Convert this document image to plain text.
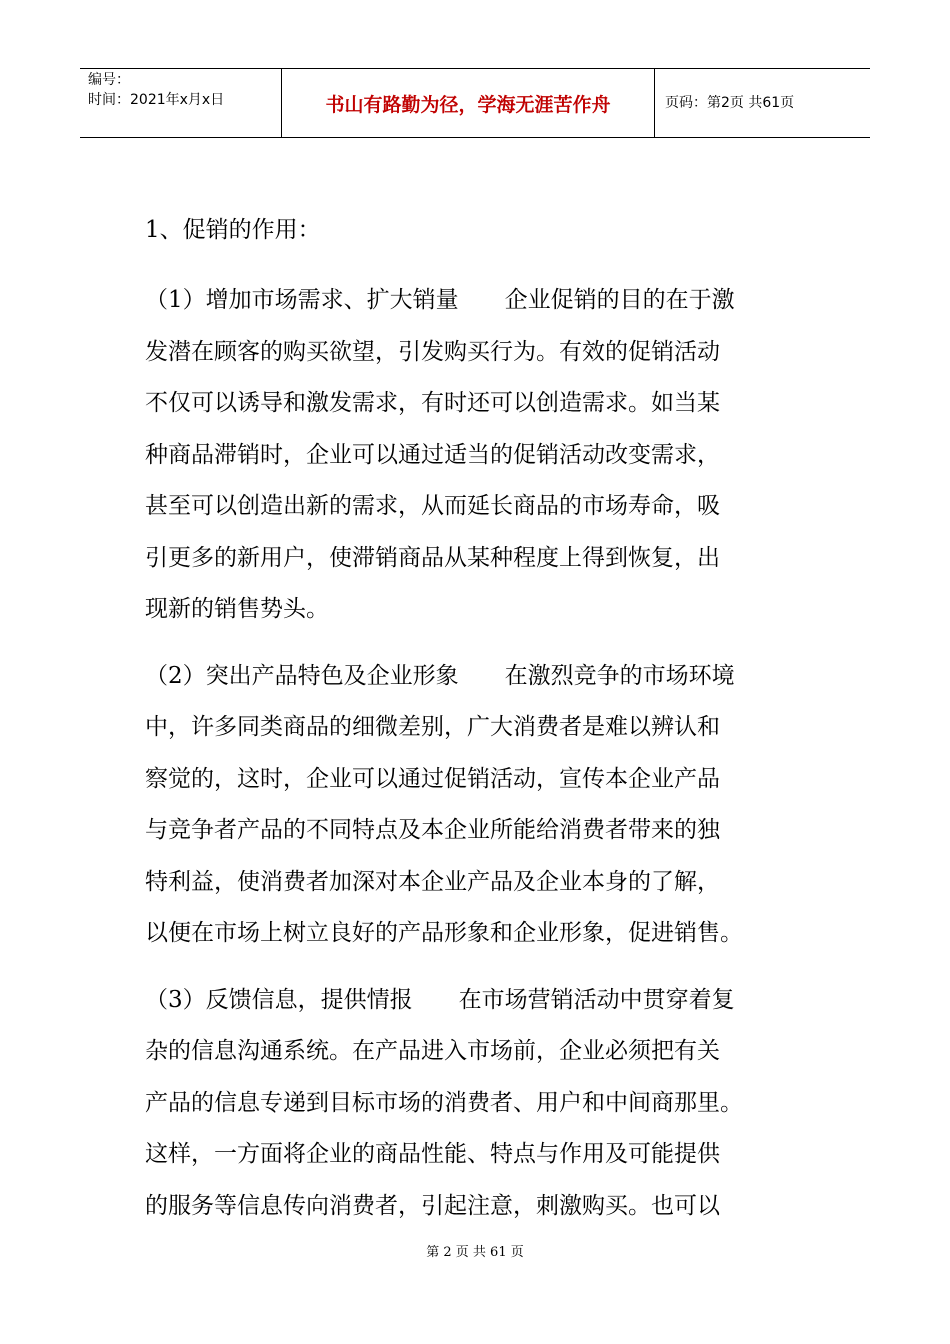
编号：
时间：2021年x月x日	书山有路勤为径，学海无涯苦作舟	页码：第2页 共61页
1、促销的作用：
（1）增加市场需求、扩大销量　　企业促销的目的在于激
发潜在顾客的购买欲望，引发购买行为。有效的促销活动
不仅可以诱导和激发需求，有时还可以创造需求。如当某
种商品滞销时，企业可以通过适当的促销活动改变需求，
甚至可以创造出新的需求，从而延长商品的市场寿命，吸
引更多的新用户，使滞销商品从某种程度上得到恢复，出
现新的销售势头。
（2）突出产品特色及企业形象　　在激烈竞争的市场环境
中，许多同类商品的细微差别，广大消费者是难以辨认和
察觉的，这时，企业可以通过促销活动，宣传本企业产品
与竞争者产品的不同特点及本企业所能给消费者带来的独
特利益，使消费者加深对本企业产品及企业本身的了解，
以便在市场上树立良好的产品形象和企业形象，促进销售。
（3）反馈信息，提供情报　　在市场营销活动中贯穿着复
杂的信息沟通系统。在产品进入市场前，企业必须把有关
产品的信息专递到目标市场的消费者、用户和中间商那里。
这样，一方面将企业的商品性能、特点与作用及可能提供
的服务等信息传向消费者，引起注意，刺激购买。也可以
第 2 页 共 61 页
